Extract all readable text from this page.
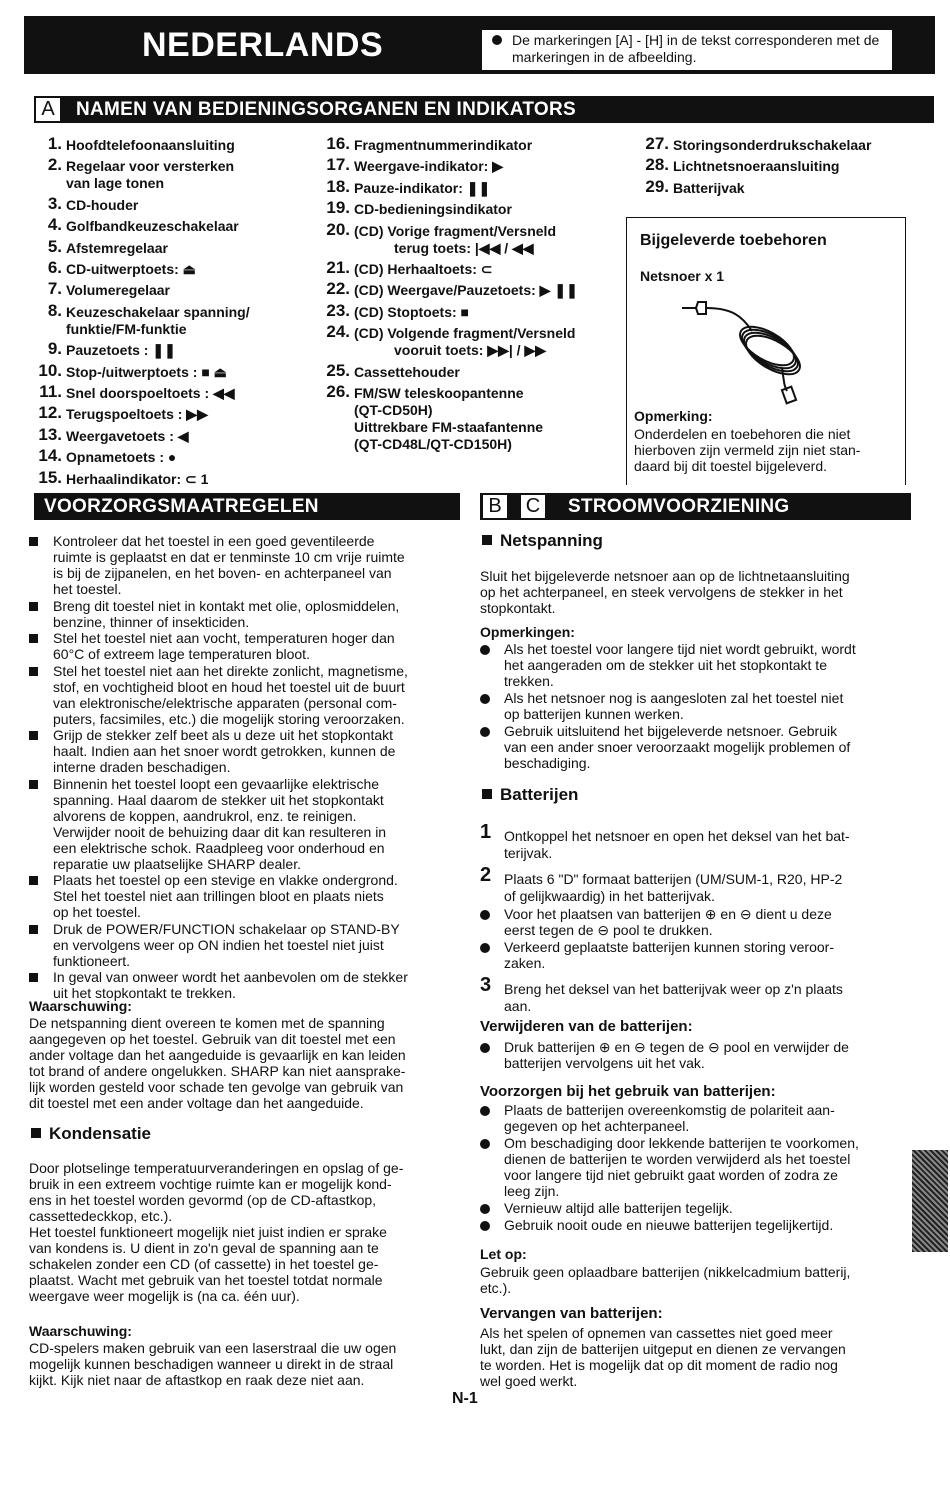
NEDERLANDS	De markeringen [A] - [H] in de tekst corresponderen met de markeringen in de afbeelding.
A NAMEN VAN BEDIENINGSORGANEN EN INDIKATORS
1. Hoofdtelefoonaansluiting
2. Regelaar voor versterken
van lage tonen
3. CD-houder
4. Golfbandkeuzeschakelaar
5. Afstemregelaar
6. CD-uitwerptoets: ⏏
7. Volumeregelaar
8. Keuzeschakelaar spanning/
funktie/FM-funktie
9. Pauzetoets : ❚❚
10. Stop-/uitwerptoets : ■ ⏏
11. Snel doorspoeltoets : ◀◀
12. Terugspoeltoets : ▶▶
13. Weergavetoets : ◀
14. Opnametoets : ●
15. Herhaalindikator: ⊂ 1
16. Fragmentnummerindikator
17. Weergave-indikator: ▶
18. Pauze-indikator: ❚❚
19. CD-bedieningsindikator
20. (CD) Vorige fragment/Versneld
terug toets: |◀◀ / ◀◀
21. (CD) Herhaaltoets: ⊂
22. (CD) Weergave/Pauzetoets: ▶ ❚❚
23. (CD) Stoptoets: ■
24. (CD) Volgende fragment/Versneld
vooruit toets: ▶▶| / ▶▶
25. Cassettehouder
26. FM/SW teleskoopantenne
(QT-CD50H)
Uittrekbare FM-staafantenne
(QT-CD48L/QT-CD150H)
27. Storingsonderdrukschakelaar
28. Lichtnetsnoeraansluiting
29. Batterijvak
Bijgeleverde toebehoren
Netsnoer x 1
Opmerking:
Onderdelen en toebehoren die niet
hierboven zijn vermeld zijn niet stan-
daard bij dit toestel bijgeleverd.
VOORZORGSMAATREGELEN
Kontroleer dat het toestel in een goed geventileerde
ruimte is geplaatst en dat er tenminste 10 cm vrije ruimte
is bij de zijpanelen, en het boven- en achterpaneel van
het toestel.
Breng dit toestel niet in kontakt met olie, oplosmiddelen,
benzine, thinner of insekticiden.
Stel het toestel niet aan vocht, temperaturen hoger dan
60°C of extreem lage temperaturen bloot.
Stel het toestel niet aan het direkte zonlicht, magnetisme,
stof, en vochtigheid bloot en houd het toestel uit de buurt
van elektronische/elektrische apparaten (personal com-
puters, facsimiles, etc.) die mogelijk storing veroorzaken.
Grijp de stekker zelf beet als u deze uit het stopkontakt
haalt. Indien aan het snoer wordt getrokken, kunnen de
interne draden beschadigen.
Binnenin het toestel loopt een gevaarlijke elektrische
spanning. Haal daarom de stekker uit het stopkontakt
alvorens de koppen, aandrukrol, enz. te reinigen.
Verwijder nooit de behuizing daar dit kan resulteren in
een elektrische schok. Raadpleeg voor onderhoud en
reparatie uw plaatselijke SHARP dealer.
Plaats het toestel op een stevige en vlakke ondergrond.
Stel het toestel niet aan trillingen bloot en plaats niets
op het toestel.
Druk de POWER/FUNCTION schakelaar op STAND-BY
en vervolgens weer op ON indien het toestel niet juist
funktioneert.
In geval van onweer wordt het aanbevolen om de stekker
uit het stopkontakt te trekken.
Waarschuwing:
De netspanning dient overeen te komen met de spanning
aangegeven op het toestel. Gebruik van dit toestel met een
ander voltage dan het aangeduide is gevaarlijk en kan leiden
tot brand of andere ongelukken. SHARP kan niet aansprake-
lijk worden gesteld voor schade ten gevolge van gebruik van
dit toestel met een ander voltage dan het aangeduide.
Kondensatie
Door plotselinge temperatuurveranderingen en opslag of ge-
bruik in een extreem vochtige ruimte kan er mogelijk kond-
ens in het toestel worden gevormd (op de CD-aftastkop,
cassettedeckkop, etc.).
Het toestel funktioneert mogelijk niet juist indien er sprake
van kondens is. U dient in zo'n geval de spanning aan te
schakelen zonder een CD (of cassette) in het toestel ge-
plaatst. Wacht met gebruik van het toestel totdat normale
weergave weer mogelijk is (na ca. één uur).
Waarschuwing:
CD-spelers maken gebruik van een laserstraal die uw ogen
mogelijk kunnen beschadigen wanneer u direkt in de straal
kijkt. Kijk niet naar de aftastkop en raak deze niet aan.
B C STROOMVOORZIENING
Netspanning
Sluit het bijgeleverde netsnoer aan op de lichtnetaansluiting
op het achterpaneel, en steek vervolgens de stekker in het
stopkontakt.
Opmerkingen:
Als het toestel voor langere tijd niet wordt gebruikt, wordt
het aangeraden om de stekker uit het stopkontakt te
trekken.
Als het netsnoer nog is aangesloten zal het toestel niet
op batterijen kunnen werken.
Gebruik uitsluitend het bijgeleverde netsnoer. Gebruik
van een ander snoer veroorzaakt mogelijk problemen of
beschadiging.
Batterijen
1 Ontkoppel het netsnoer en open het deksel van het bat-
terijvak.
2 Plaats 6 "D" formaat batterijen (UM/SUM-1, R20, HP-2
of gelijkwaardig) in het batterijvak.
Voor het plaatsen van batterijen ⊕ en ⊖ dient u deze
eerst tegen de ⊖ pool te drukken.
Verkeerd geplaatste batterijen kunnen storing veroor-
zaken.
3 Breng het deksel van het batterijvak weer op z'n plaats
aan.
Verwijderen van de batterijen:
Druk batterijen ⊕ en ⊖ tegen de ⊖ pool en verwijder de
batterijen vervolgens uit het vak.
Voorzorgen bij het gebruik van batterijen:
Plaats de batterijen overeenkomstig de polariteit aan-
gegeven op het achterpaneel.
Om beschadiging door lekkende batterijen te voorkomen,
dienen de batterijen te worden verwijderd als het toestel
voor langere tijd niet gebruikt gaat worden of zodra ze
leeg zijn.
Vernieuw altijd alle batterijen tegelijk.
Gebruik nooit oude en nieuwe batterijen tegelijkertijd.
Let op:
Gebruik geen oplaadbare batterijen (nikkelcadmium batterij,
etc.).
Vervangen van batterijen:
Als het spelen of opnemen van cassettes niet goed meer
lukt, dan zijn de batterijen uitgeput en dienen ze vervangen
te worden. Het is mogelijk dat op dit moment de radio nog
wel goed werkt.
N-1
